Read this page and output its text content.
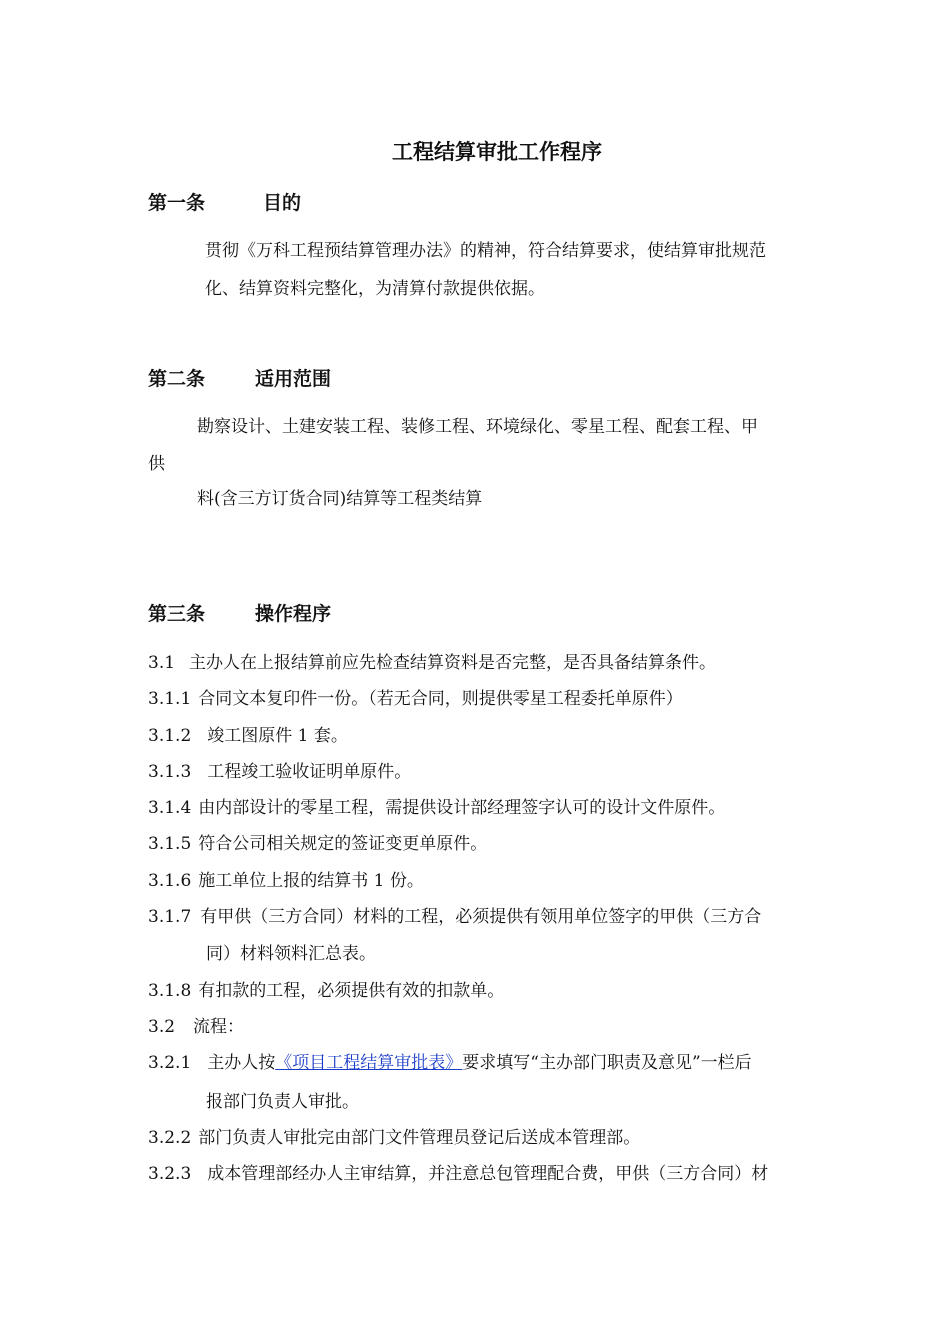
工程结算审批工作程序
第一条	目的
贯彻《万科工程预结算管理办法》的精神，符合结算要求，使结算审批规范
化、结算资料完整化，为清算付款提供依据。
第二条	适用范围
勘察设计、土建安装工程、装修工程、环境绿化、零星工程、配套工程、甲
供
料(含三方订货合同)结算等工程类结算
第三条	操作程序
3.1 主办人在上报结算前应先检查结算资料是否完整，是否具备结算条件。
3.1.1 合同文本复印件一份。（若无合同，则提供零星工程委托单原件）
3.1.2 竣工图原件 1 套。
3.1.3 工程竣工验收证明单原件。
3.1.4 由内部设计的零星工程，需提供设计部经理签字认可的设计文件原件。
3.1.5 符合公司相关规定的签证变更单原件。
3.1.6 施工单位上报的结算书 1 份。
3.1.7 有甲供（三方合同）材料的工程，必须提供有领用单位签字的甲供（三方合
同）材料领料汇总表。
3.1.8 有扣款的工程，必须提供有效的扣款单。
3.2 流程：
3.2.1 主办人按《项目工程结算审批表》要求填写“主办部门职责及意见”一栏后
报部门负责人审批。
3.2.2 部门负责人审批完由部门文件管理员登记后送成本管理部。
3.2.3 成本管理部经办人主审结算，并注意总包管理配合费，甲供（三方合同）材
